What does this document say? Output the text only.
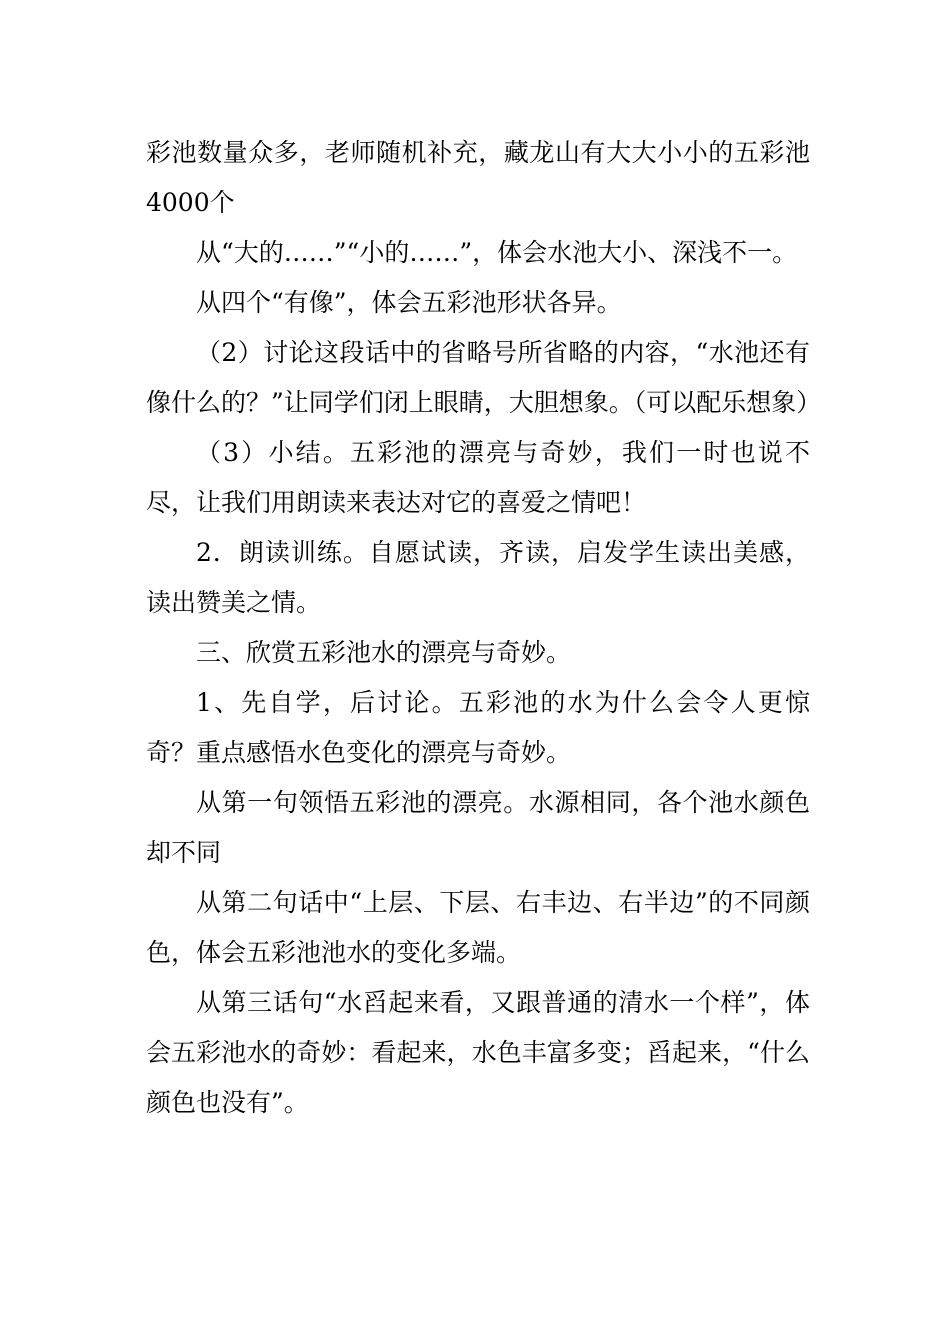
彩池数量众多，老师随机补充，藏龙山有大大小小的五彩池4000个

从“大的……”“小的……”，体会水池大小、深浅不一。

从四个“有像”，体会五彩池形状各异。

（2）讨论这段话中的省略号所省略的内容，“水池还有像什么的？”让同学们闭上眼睛，大胆想象。（可以配乐想象）

（3）小结。五彩池的漂亮与奇妙，我们一时也说不尽，让我们用朗读来表达对它的喜爱之情吧！

2．朗读训练。自愿试读，齐读，启发学生读出美感，读出赞美之情。

三、欣赏五彩池水的漂亮与奇妙。

1、先自学，后讨论。五彩池的水为什么会令人更惊奇？重点感悟水色变化的漂亮与奇妙。

从第一句领悟五彩池的漂亮。水源相同，各个池水颜色却不同

从第二句话中“上层、下层、右丰边、右半边”的不同颜色，体会五彩池池水的变化多端。

从第三话句“水舀起来看，又跟普通的清水一个样”，体会五彩池水的奇妙：看起来，水色丰富多变；舀起来，“什么颜色也没有”。
